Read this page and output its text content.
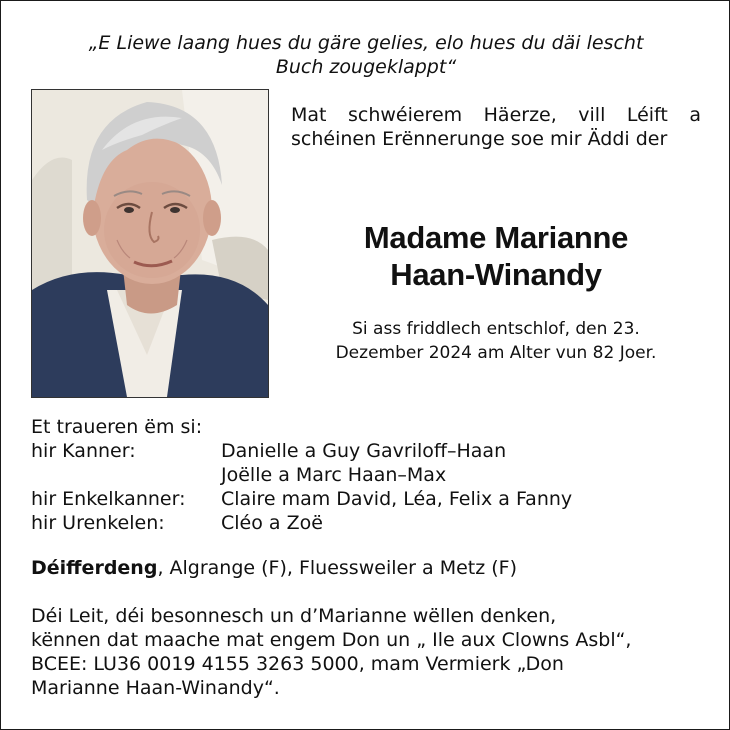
„E Liewe laang hues du gäre gelies, elo hues du däi lescht
Buch zougeklappt“
Mat schwéierem Häerze, vill Léift a schéinen Erënnerunge soe mir Äddi der
Madame Marianne
Haan-Winandy
Si ass friddlech entschlof, den 23.
Dezember 2024 am Alter vun 82 Joer.
Et traueren ëm si:
hir Kanner:	Danielle a Guy Gavriloff–Haan
Joëlle a Marc Haan–Max
hir Enkelkanner:	Claire mam David, Léa, Felix a Fanny
hir Urenkelen:	Cléo a Zoë
Déifferdeng, Algrange (F), Fluessweiler a Metz (F)
Déi Leit, déi besonnesch un d’Marianne wëllen denken,
kënnen dat maache mat engem Don un „ Ile aux Clowns Asbl“,
BCEE: LU36 0019 4155 3263 5000, mam Vermierk „Don
Marianne Haan-Winandy“.
